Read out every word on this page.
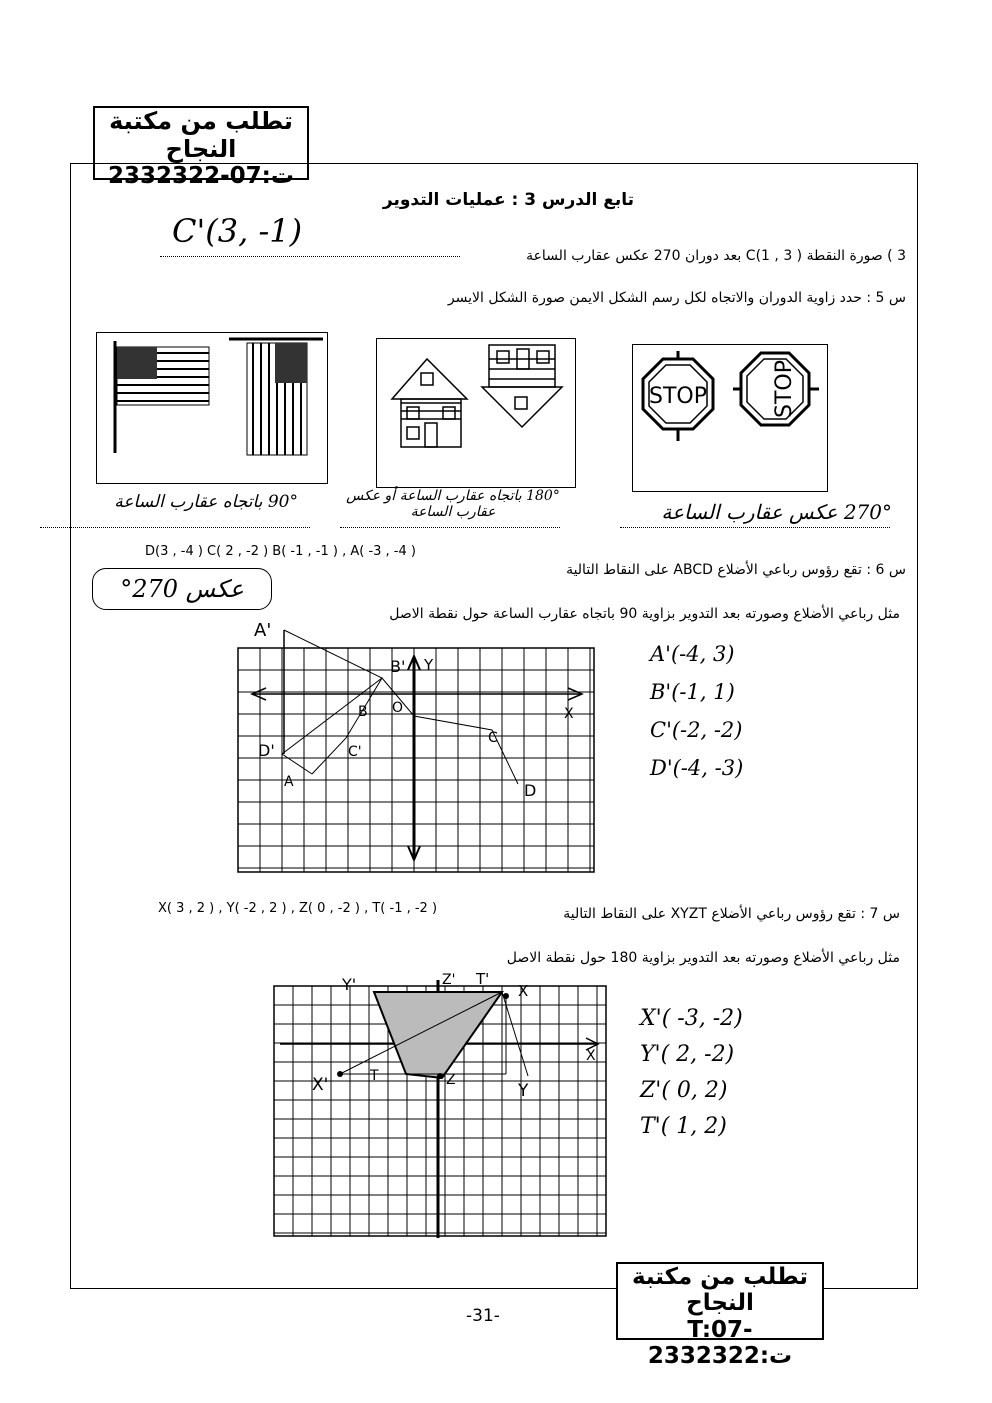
تطلب من مكتبة النجاح
ت:07-2332322
تابع الدرس 3 : عمليات التدوير
3 ) صورة النقطة ( 3 , 1)C بعد دوران 270 عكس عقارب الساعة
C'(3, -1)
س 5 : حدد زاوية الدوران والاتجاه لكل رسم الشكل الايمن صورة الشكل الايسر
STOP	STOP
270° عكس عقارب الساعة
180° باتجاه عقارب الساعة أو عكس عقارب الساعة
90° باتجاه عقارب الساعة
D(3 , -4 ) C( 2 , -2 ) B( -1 , -1 ) , A( -3 , -4 )
س 6 : تقع رؤوس رباعي الأضلاع ABCD على النقاط التالية
عكس 270°
مثل رباعي الأضلاع وصورته بعد التدوير بزاوية 90 باتجاه عقارب الساعة حول نقطة الاصل
A'
B'
B O	X
Y
C
C'
D'
A	D
A'(-4, 3)
B'(-1, 1)
C'(-2, -2)
D'(-4, -3)
X( 3 , 2 ) , Y( -2 , 2 ) , Z( 0 , -2 ) , T( -1 , -2 )	س 7 : تقع رؤوس رباعي الأضلاع XYZT على النقاط التالية
مثل رباعي الأضلاع وصورته بعد التدوير بزاوية 180 حول نقطة الاصل
Y'	Z' T'
X
X
X'	T	Z
Y
X'( -3, -2)
Y'( 2, -2)
Z'( 0, 2)
T'( 1, 2)
-31-
تطلب من مكتبة النجاح
T:07-2332322:ت
